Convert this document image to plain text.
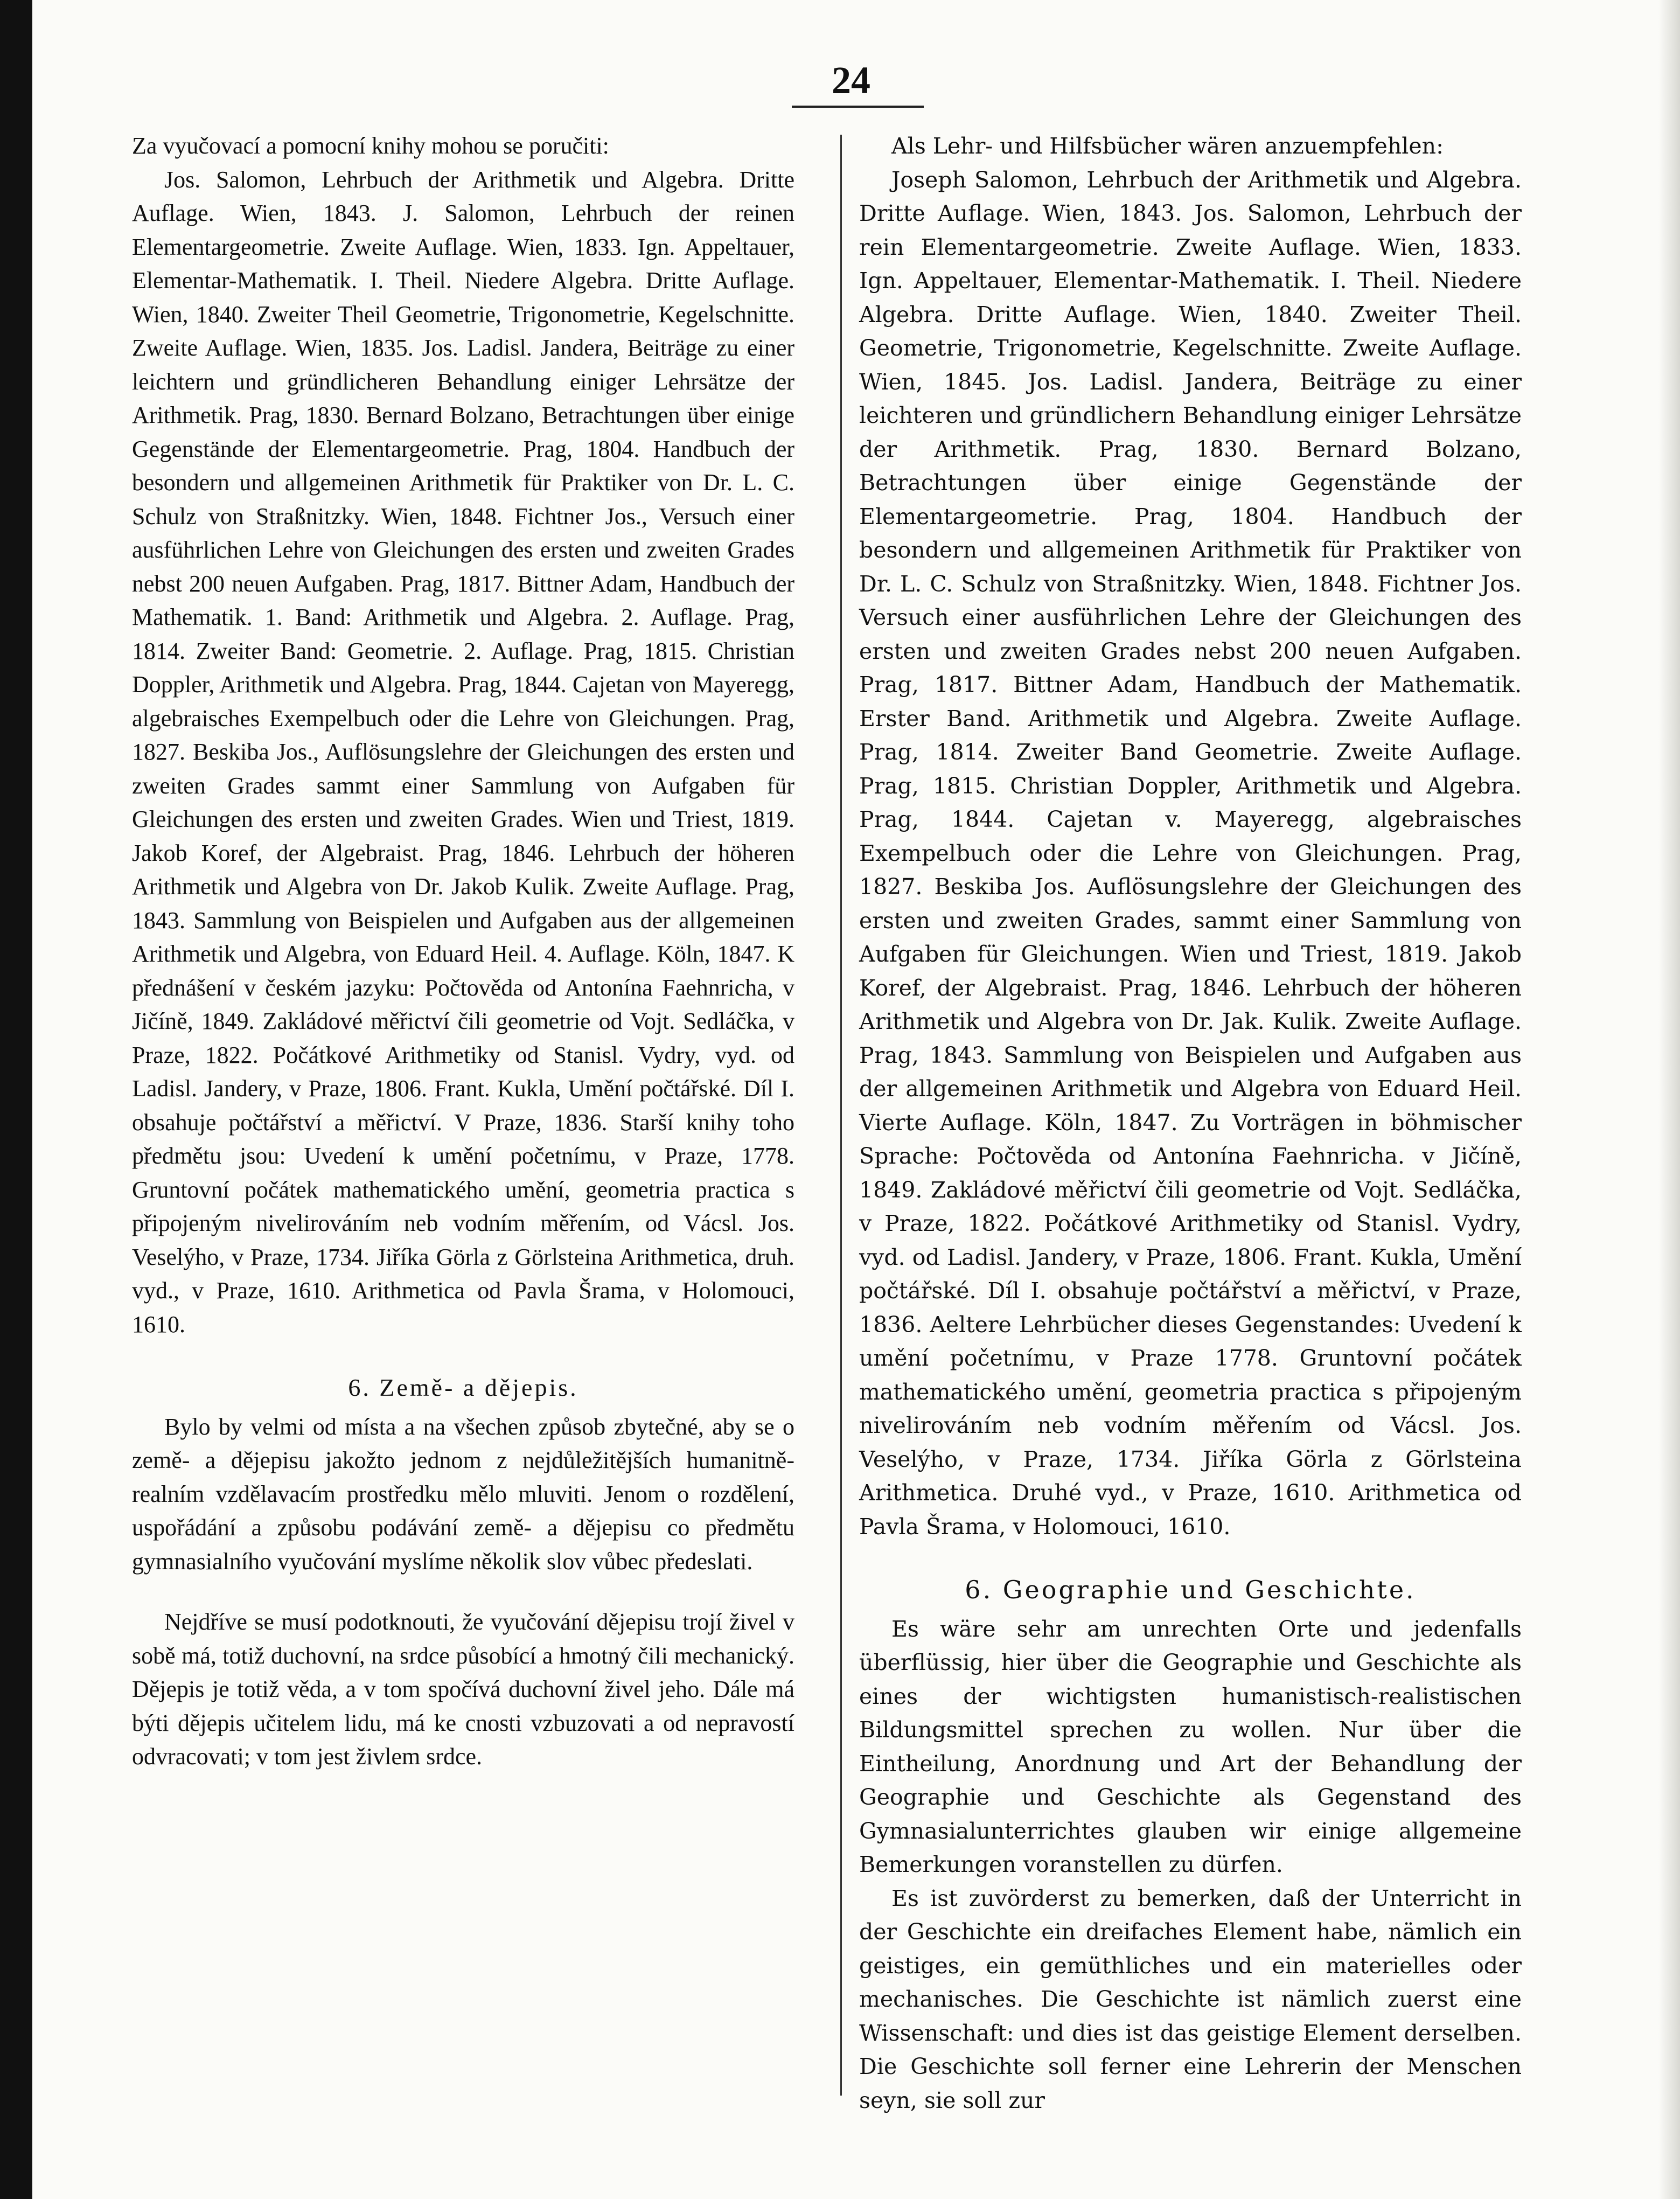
24

Za vyučovací a pomocní knihy mohou se poručiti:

Jos. Salomon, Lehrbuch der Arithmetik und Algebra. Dritte Auflage. Wien, 1843. J. Salomon, Lehrbuch der reinen Elementargeometrie. Zweite Auflage. Wien, 1833. Ign. Appeltauer, Elementar-Mathematik. I. Theil. Niedere Algebra. Dritte Auflage. Wien, 1840. Zweiter Theil Geometrie, Trigonometrie, Kegelschnitte. Zweite Auflage. Wien, 1835. Jos. Ladisl. Jandera, Beiträge zu einer leichtern und gründlicheren Behandlung einiger Lehrsätze der Arithmetik. Prag, 1830. Bernard Bolzano, Betrachtungen über einige Gegenstände der Elementargeometrie. Prag, 1804. Handbuch der besondern und allgemeinen Arithmetik für Praktiker von Dr. L. C. Schulz von Straßnitzky. Wien, 1848. Fichtner Jos., Versuch einer ausführlichen Lehre von Gleichungen des ersten und zweiten Grades nebst 200 neuen Aufgaben. Prag, 1817. Bittner Adam, Handbuch der Mathematik. 1. Band: Arithmetik und Algebra. 2. Auflage. Prag, 1814. Zweiter Band: Geometrie. 2. Auflage. Prag, 1815. Christian Doppler, Arithmetik und Algebra. Prag, 1844. Cajetan von Mayeregg, algebraisches Exempelbuch oder die Lehre von Gleichungen. Prag, 1827. Beskiba Jos., Auflösungslehre der Gleichungen des ersten und zweiten Grades sammt einer Sammlung von Aufgaben für Gleichungen des ersten und zweiten Grades. Wien und Triest, 1819. Jakob Koref, der Algebraist. Prag, 1846. Lehrbuch der höheren Arithmetik und Algebra von Dr. Jakob Kulik. Zweite Auflage. Prag, 1843. Sammlung von Beispielen und Aufgaben aus der allgemeinen Arithmetik und Algebra, von Eduard Heil. 4. Auflage. Köln, 1847. K přednášení v českém jazyku: Počtověda od Antonína Faehnricha, v Jičíně, 1849. Zakládové měřictví čili geometrie od Vojt. Sedláčka, v Praze, 1822. Počátkové Arithmetiky od Stanisl. Vydry, vyd. od Ladisl. Jandery, v Praze, 1806. Frant. Kukla, Umění počtářské. Díl I. obsahuje počtářství a měřictví. V Praze, 1836. Starší knihy toho předmětu jsou: Uvedení k umění početnímu, v Praze, 1778. Gruntovní počátek mathematického umění, geometria practica s připojeným nivelirováním neb vodním měřením, od Vácsl. Jos. Veselýho, v Praze, 1734. Jiříka Görla z Görlsteina Arithmetica, druh. vyd., v Praze, 1610. Arithmetica od Pavla Šrama, v Holomouci, 1610.

6. Země- a dějepis.

Bylo by velmi od místa a na všechen způsob zbytečné, aby se o země- a dějepisu jakožto jednom z nejdůležitějších humanitně-realním vzdělavacím prostředku mělo mluviti. Jenom o rozdělení, uspořádání a způsobu podávání země- a dějepisu co předmětu gymnasialního vyučování myslíme několik slov vůbec předeslati.

Nejdříve se musí podotknouti, že vyučování dějepisu trojí živel v sobě má, totiž duchovní, na srdce působící a hmotný čili mechanický. Dějepis je totiž věda, a v tom spočívá duchovní živel jeho. Dále má býti dějepis učitelem lidu, má ke cnosti vzbuzovati a od nepravostí odvracovati; v tom jest živlem srdce.

Als Lehr- und Hilfsbücher wären anzuempfehlen:

Joseph Salomon, Lehrbuch der Arithmetik und Algebra. Dritte Auflage. Wien, 1843. Jos. Salomon, Lehrbuch der rein Elementargeometrie. Zweite Auflage. Wien, 1833. Ign. Appeltauer, Elementar-Mathematik. I. Theil. Niedere Algebra. Dritte Auflage. Wien, 1840. Zweiter Theil. Geometrie, Trigonometrie, Kegelschnitte. Zweite Auflage. Wien, 1845. Jos. Ladisl. Jandera, Beiträge zu einer leichteren und gründlichern Behandlung einiger Lehrsätze der Arithmetik. Prag, 1830. Bernard Bolzano, Betrachtungen über einige Gegenstände der Elementargeometrie. Prag, 1804. Handbuch der besondern und allgemeinen Arithmetik für Praktiker von Dr. L. C. Schulz von Straßnitzky. Wien, 1848. Fichtner Jos. Versuch einer ausführlichen Lehre der Gleichungen des ersten und zweiten Grades nebst 200 neuen Aufgaben. Prag, 1817. Bittner Adam, Handbuch der Mathematik. Erster Band. Arithmetik und Algebra. Zweite Auflage. Prag, 1814. Zweiter Band Geometrie. Zweite Auflage. Prag, 1815. Christian Doppler, Arithmetik und Algebra. Prag, 1844. Cajetan v. Mayeregg, algebraisches Exempelbuch oder die Lehre von Gleichungen. Prag, 1827. Beskiba Jos. Auflösungslehre der Gleichungen des ersten und zweiten Grades, sammt einer Sammlung von Aufgaben für Gleichungen. Wien und Triest, 1819. Jakob Koref, der Algebraist. Prag, 1846. Lehrbuch der höheren Arithmetik und Algebra von Dr. Jak. Kulik. Zweite Auflage. Prag, 1843. Sammlung von Beispielen und Aufgaben aus der allgemeinen Arithmetik und Algebra von Eduard Heil. Vierte Auflage. Köln, 1847. Zu Vorträgen in böhmischer Sprache: Počtověda od Antonína Faehnricha. v Jičíně, 1849. Zakládové měřictví čili geometrie od Vojt. Sedláčka, v Praze, 1822. Počátkové Arithmetiky od Stanisl. Vydry, vyd. od Ladisl. Jandery, v Praze, 1806. Frant. Kukla, Umění počtářské. Díl I. obsahuje počtářství a měřictví, v Praze, 1836. Aeltere Lehrbücher dieses Gegenstandes: Uvedení k umění početnímu, v Praze 1778. Gruntovní počátek mathematického umění, geometria practica s připojeným nivelirováním neb vodním měřením od Vácsl. Jos. Veselýho, v Praze, 1734. Jiříka Görla z Görlsteina Arithmetica. Druhé vyd., v Praze, 1610. Arithmetica od Pavla Šrama, v Holomouci, 1610.

6. Geographie und Geschichte.

Es wäre sehr am unrechten Orte und jedenfalls überflüssig, hier über die Geographie und Geschichte als eines der wichtigsten humanistisch-realistischen Bildungsmittel sprechen zu wollen. Nur über die Eintheilung, Anordnung und Art der Behandlung der Geographie und Geschichte als Gegenstand des Gymnasialunterrichtes glauben wir einige allgemeine Bemerkungen voranstellen zu dürfen.

Es ist zuvörderst zu bemerken, daß der Unterricht in der Geschichte ein dreifaches Element habe, nämlich ein geistiges, ein gemüthliches und ein materielles oder mechanisches. Die Geschichte ist nämlich zuerst eine Wissenschaft: und dies ist das geistige Element derselben. Die Geschichte soll ferner eine Lehrerin der Menschen seyn, sie soll zur
